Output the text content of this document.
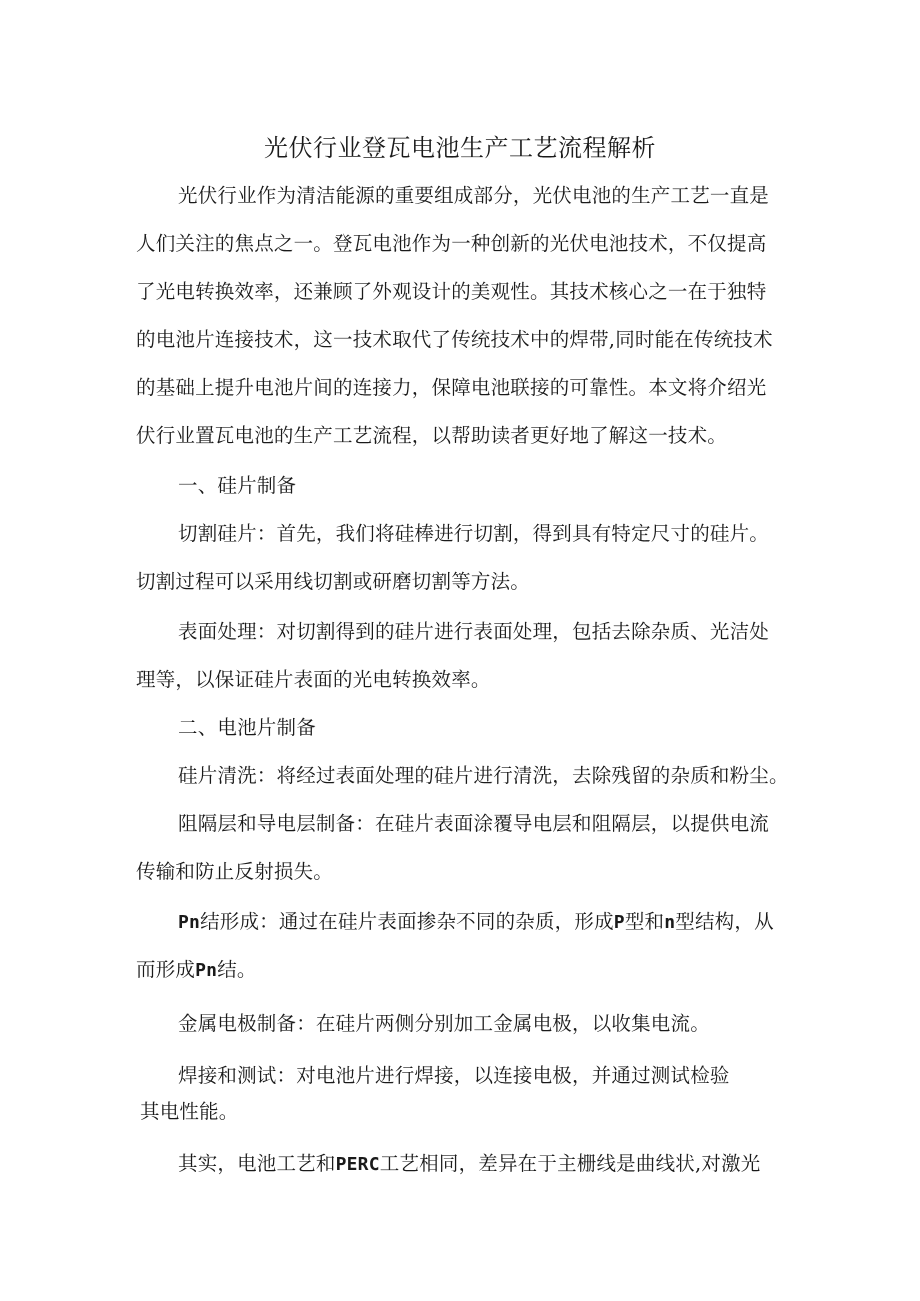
光伏行业登瓦电池生产工艺流程解析

光伏行业作为清洁能源的重要组成部分，光伏电池的生产工艺一直是

人们关注的焦点之一。登瓦电池作为一种创新的光伏电池技术，不仅提高

了光电转换效率，还兼顾了外观设计的美观性。其技术核心之一在于独特

的电池片连接技术，这一技术取代了传统技术中的焊带,同时能在传统技术

的基础上提升电池片间的连接力，保障电池联接的可靠性。本文将介绍光

伏行业置瓦电池的生产工艺流程，以帮助读者更好地了解这一技术。

一、硅片制备

切割硅片：首先，我们将硅棒进行切割，得到具有特定尺寸的硅片。

切割过程可以采用线切割或研磨切割等方法。

表面处理：对切割得到的硅片进行表面处理，包括去除杂质、光洁处

理等，以保证硅片表面的光电转换效率。

二、电池片制备

硅片清洗：将经过表面处理的硅片进行清洗，去除残留的杂质和粉尘。

阻隔层和导电层制备：在硅片表面涂覆导电层和阻隔层，以提供电流

传输和防止反射损失。

Pn结形成：通过在硅片表面掺杂不同的杂质，形成P型和n型结构，从

而形成Pn结。

金属电极制备：在硅片两侧分别加工金属电极，以收集电流。

焊接和测试：对电池片进行焊接，以连接电极，并通过测试检验

其电性能。

其实，电池工艺和PERC工艺相同，差异在于主栅线是曲线状,对激光
